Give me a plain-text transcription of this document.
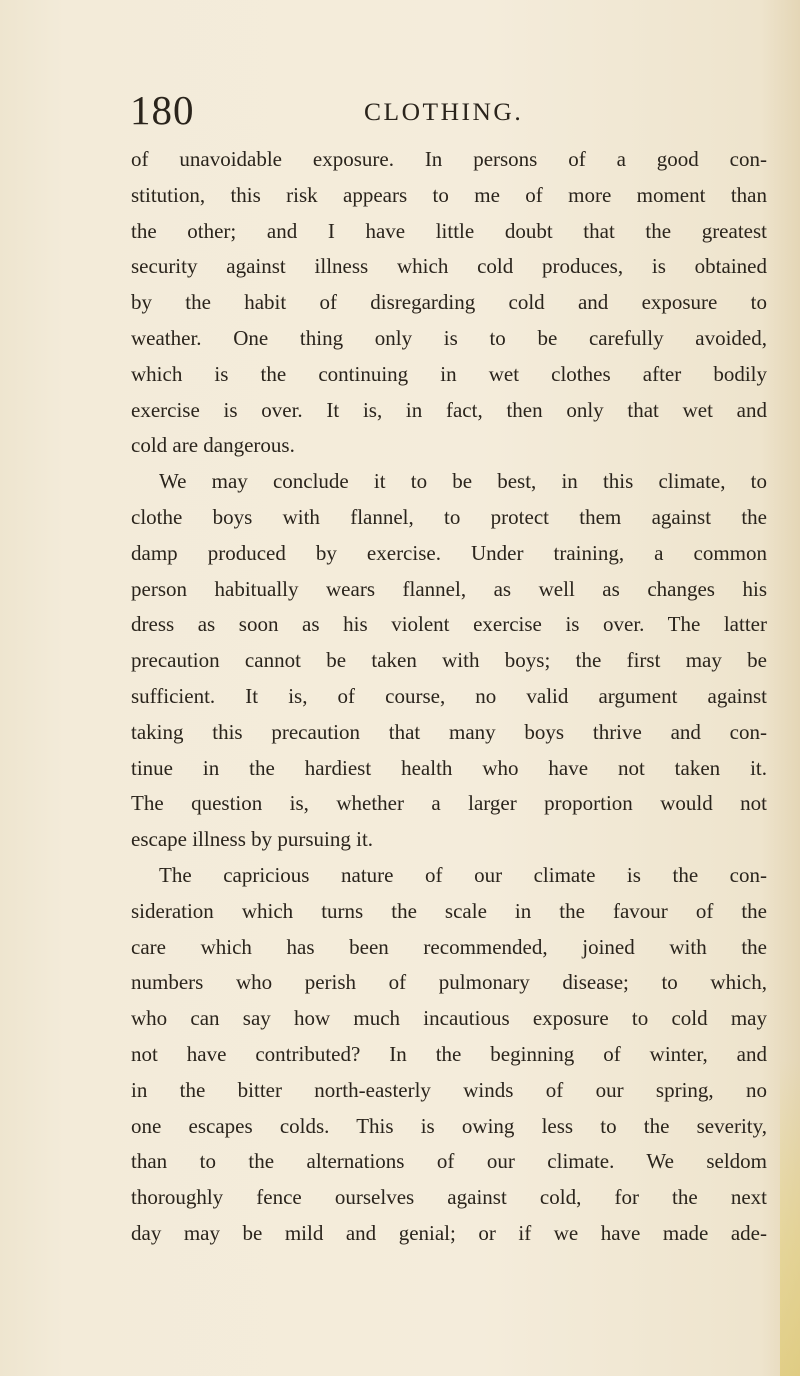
180	CLOTHING.
of unavoidable exposure. In persons of a good con-
stitution, this risk appears to me of more moment than
the other; and I have little doubt that the greatest
security against illness which cold produces, is obtained
by the habit of disregarding cold and exposure to
weather. One thing only is to be carefully avoided,
which is the continuing in wet clothes after bodily
exercise is over. It is, in fact, then only that wet and
cold are dangerous.
We may conclude it to be best, in this climate, to
clothe boys with flannel, to protect them against the
damp produced by exercise. Under training, a common
person habitually wears flannel, as well as changes his
dress as soon as his violent exercise is over. The latter
precaution cannot be taken with boys; the first may be
sufficient. It is, of course, no valid argument against
taking this precaution that many boys thrive and con-
tinue in the hardiest health who have not taken it.
The question is, whether a larger proportion would not
escape illness by pursuing it.
The capricious nature of our climate is the con-
sideration which turns the scale in the favour of the
care which has been recommended, joined with the
numbers who perish of pulmonary disease; to which,
who can say how much incautious exposure to cold may
not have contributed? In the beginning of winter, and
in the bitter north-easterly winds of our spring, no
one escapes colds. This is owing less to the severity,
than to the alternations of our climate. We seldom
thoroughly fence ourselves against cold, for the next
day may be mild and genial; or if we have made ade-
